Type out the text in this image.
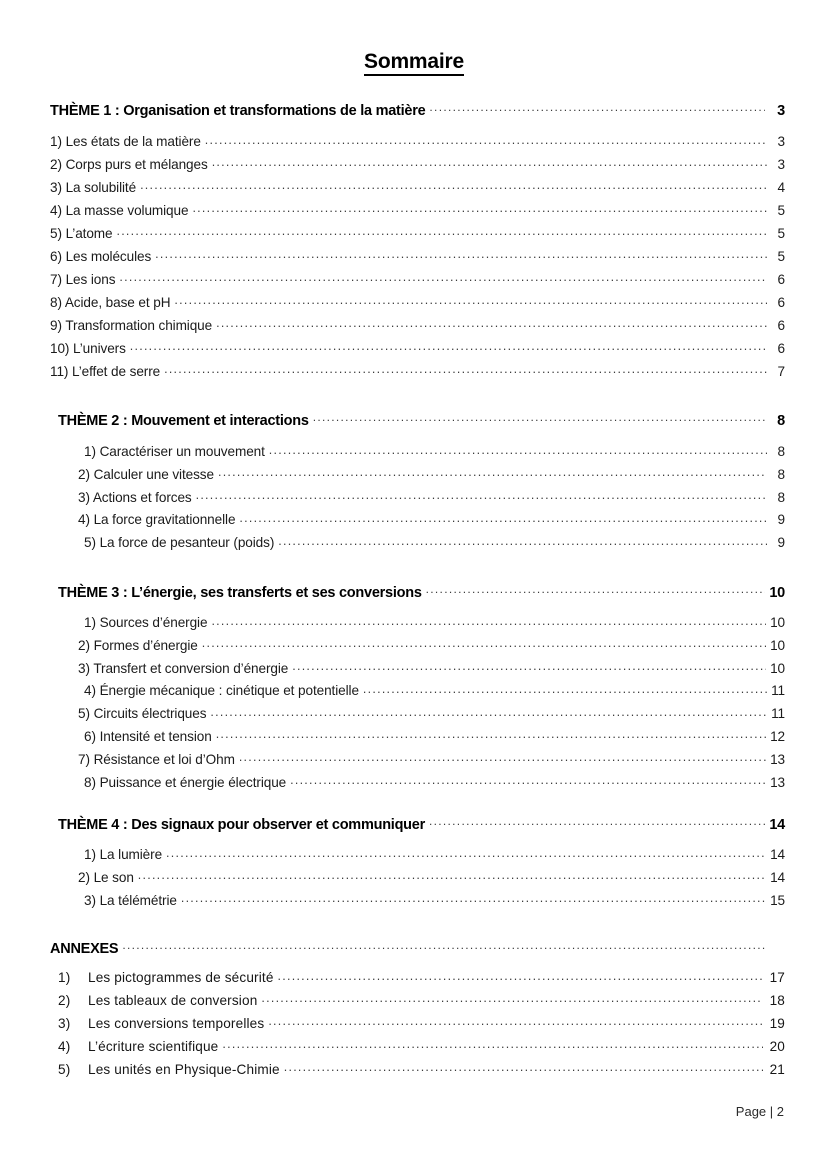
Sommaire
THÈME 1 : Organisation et transformations de la matière .....	3
1) Les états de la matière .....	3
2) Corps purs et mélanges .....	3
3) La solubilité .....	4
4) La masse volumique .....	5
5) L’atome .....	5
6) Les molécules .....	5
7) Les ions .....	6
8) Acide, base et pH .....	6
9) Transformation chimique .....	6
10) L’univers .....	6
11) L’effet de serre .....	7
THÈME 2 : Mouvement et interactions .....	8
1) Caractériser un mouvement .....	8
2) Calculer une vitesse .....	8
3) Actions et forces .....	8
4) La force gravitationnelle .....	9
5) La force de pesanteur (poids) .....	9
THÈME 3 : L’énergie, ses transferts et ses conversions .....	10
1) Sources d’énergie .....	10
2) Formes d’énergie .....	10
3) Transfert et conversion d’énergie .....	10
4) Énergie mécanique : cinétique et potentielle .....	11
5) Circuits électriques .....	11
6) Intensité et tension .....	12
7) Résistance et loi d’Ohm .....	13
8) Puissance et énergie électrique .....	13
THÈME 4 : Des signaux pour observer et communiquer .....	14
1) La lumière .....	14
2) Le son .....	14
3) La télémétrie .....	15
ANNEXES
.....
1)	Les pictogrammes de sécurité .....	17
2)	Les tableaux de conversion .....	18
3)	Les conversions temporelles .....	19
4)	L’écriture scientifique .....	20
5)	Les unités en Physique-Chimie .....	21
Page | 2
